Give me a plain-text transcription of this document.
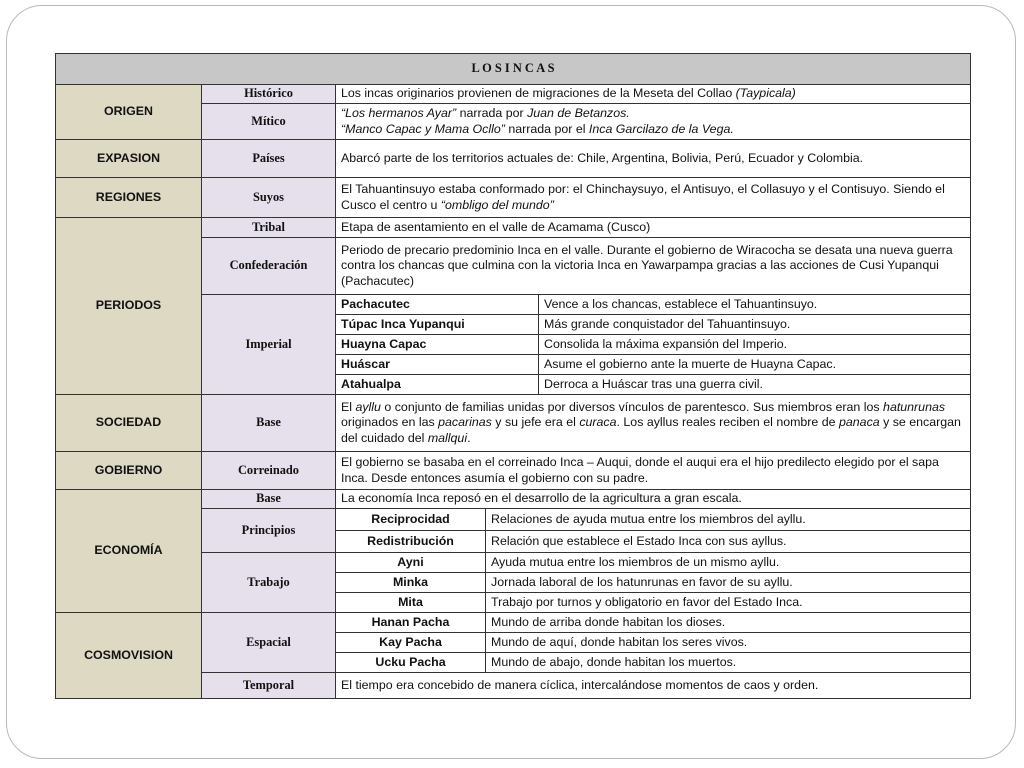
L O S I N C A S				
ORIGEN	Histórico	Los incas originarios provienen de migraciones de la Meseta del Collao (Taypicala)		
	Mítico	“Los hermanos Ayar” narrada por Juan de Betanzos.
“Manco Capac y Mama Ocllo” narrada por el Inca Garcilazo de la Vega.		
EXPASION	Países	Abarcó parte de los territorios actuales de: Chile, Argentina, Bolivia, Perú, Ecuador y Colombia.		
REGIONES	Suyos	El Tahuantinsuyo estaba conformado por: el Chinchaysuyo, el Antisuyo, el Collasuyo y el Contisuyo. Siendo el Cusco el centro u “ombligo del mundo”		
PERIODOS	Tribal	Etapa de asentamiento en el valle de Acamama (Cusco)		
	Confederación	Periodo de precario predominio Inca en el valle. Durante el gobierno de Wiracocha se desata una nueva guerra contra los chancas que culmina con la victoria Inca en Yawarpampa gracias a las acciones de Cusi Yupanqui (Pachacutec)		
	Imperial	Pachacutec		Vence a los chancas, establece el Tahuantinsuyo.
		Túpac Inca Yupanqui		Más grande conquistador del Tahuantinsuyo.
		Huayna Capac		Consolida la máxima expansión del Imperio.
		Huáscar		Asume el gobierno ante la muerte de Huayna Capac.
		Atahualpa		Derroca a Huáscar tras una guerra civil.
SOCIEDAD	Base	El ayllu o conjunto de familias unidas por diversos vínculos de parentesco. Sus miembros eran los hatunrunas originados en las pacarinas y su jefe era el curaca. Los ayllus reales reciben el nombre de panaca y se encargan del cuidado del mallqui.		
GOBIERNO	Correinado	El gobierno se basaba en el correinado Inca – Auqui, donde el auqui era el hijo predilecto elegido por el sapa Inca. Desde entonces asumía el gobierno con su padre.		
ECONOMÍA	Base	La economía Inca reposó en el desarrollo de la agricultura a gran escala.		
	Principios	Reciprocidad	Relaciones de ayuda mutua entre los miembros del ayllu.	
		Redistribución	Relación que establece el Estado Inca con sus ayllus.	
	Trabajo	Ayni	Ayuda mutua entre los miembros de un mismo ayllu.	
		Minka	Jornada laboral de los hatunrunas en favor de su ayllu.	
		Mita	Trabajo por turnos y obligatorio en favor del Estado Inca.	
COSMOVISION	Espacial	Hanan Pacha	Mundo de arriba donde habitan los dioses.	
		Kay Pacha	Mundo de aquí, donde habitan los seres vivos.	
		Ucku Pacha	Mundo de abajo, donde habitan los muertos.	
	Temporal	El tiempo era concebido de manera cíclica, intercalándose momentos de caos y orden.		
